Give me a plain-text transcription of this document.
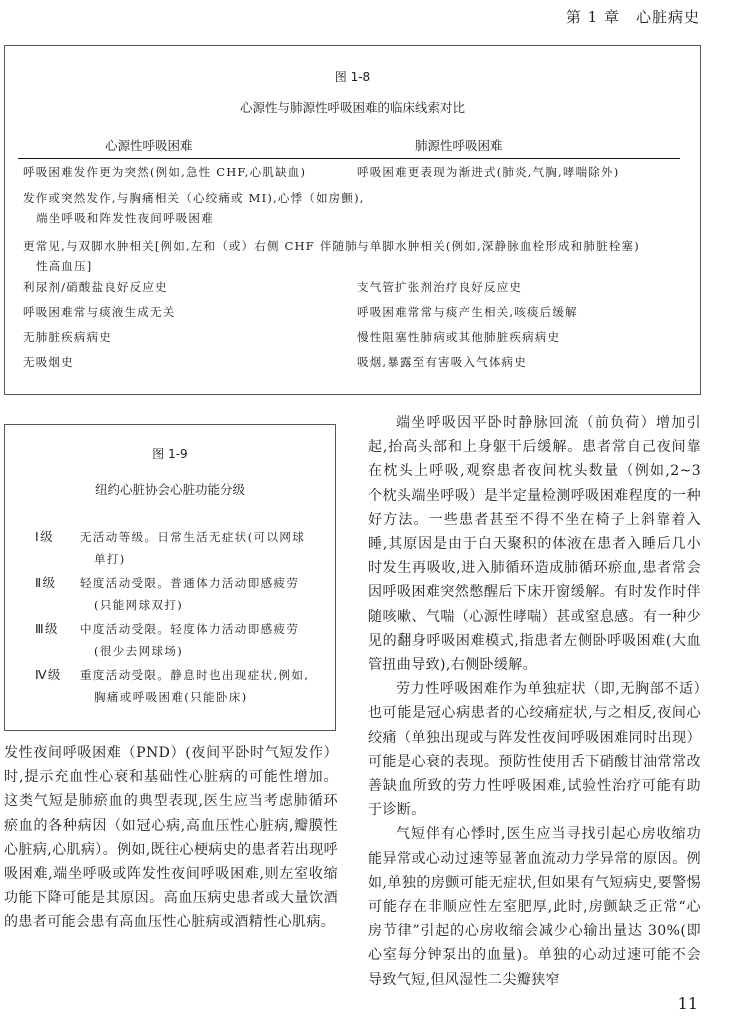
第 1 章 心脏病史
图 1-8
心源性与肺源性呼吸困难的临床线索对比
心源性呼吸困难	肺源性呼吸困难
呼吸困难发作更为突然(例如,急性 CHF,心肌缺血)	呼吸困难更表现为渐进式(肺炎,气胸,哮喘除外)
发作或突然发作,与胸痛相关（心绞痛或 MI),心悸（如房颤),端坐呼吸和阵发性夜间呼吸困难
更常见,与双脚水肿相关[例如,左和（或）右侧 CHF 伴随肺性高血压]
与单脚水肿相关(例如,深静脉血栓形成和肺脏栓塞)
利尿剂/硝酸盐良好反应史	支气管扩张剂治疗良好反应史
呼吸困难常与痰液生成无关	呼吸困难常常与痰产生相关,咳痰后缓解
无肺脏疾病病史	慢性阻塞性肺病或其他肺脏疾病病史
无吸烟史	吸烟,暴露至有害吸入气体病史
图 1-9
纽约心脏协会心脏功能分级
Ⅰ级	无活动等级。日常生活无症状(可以网球单打)
Ⅱ级	轻度活动受限。普通体力活动即感疲劳(只能网球双打)
Ⅲ级	中度活动受限。轻度体力活动即感疲劳(很少去网球场)
Ⅳ级	重度活动受限。静息时也出现症状,例如,胸痛或呼吸困难(只能卧床)

端坐呼吸因平卧时静脉回流（前负荷）增加引起,抬高头部和上身躯干后缓解。患者常自己夜间靠在枕头上呼吸,观察患者夜间枕头数量（例如,2~3 个枕头端坐呼吸）是半定量检测呼吸困难程度的一种好方法。一些患者甚至不得不坐在椅子上斜靠着入睡,其原因是由于白天聚积的体液在患者入睡后几小时发生再吸收,进入肺循环造成肺循环瘀血,患者常会因呼吸困难突然憋醒后下床开窗缓解。有时发作时伴随咳嗽、气喘（心源性哮喘）甚或窒息感。有一种少见的翻身呼吸困难模式,指患者左侧卧呼吸困难(大血管扭曲导致),右侧卧缓解。

劳力性呼吸困难作为单独症状（即,无胸部不适）也可能是冠心病患者的心绞痛症状,与之相反,夜间心绞痛（单独出现或与阵发性夜间呼吸困难同时出现）可能是心衰的表现。预防性使用舌下硝酸甘油常常改善缺血所致的劳力性呼吸困难,试验性治疗可能有助于诊断。

气短伴有心悸时,医生应当寻找引起心房收缩功能异常或心动过速等显著血流动力学异常的原因。例如,单独的房颤可能无症状,但如果有气短病史,要警惕可能存在非顺应性左室肥厚,此时,房颤缺乏正常“心房节律”引起的心房收缩会减少心输出量达 30%(即心室每分钟泵出的血量)。单独的心动过速可能不会导致气短,但风湿性二尖瓣狭窄

发性夜间呼吸困难（PND）(夜间平卧时气短发作）时,提示充血性心衰和基础性心脏病的可能性增加。这类气短是肺瘀血的典型表现,医生应当考虑肺循环瘀血的各种病因（如冠心病,高血压性心脏病,瓣膜性心脏病,心肌病）。例如,既往心梗病史的患者若出现呼吸困难,端坐呼吸或阵发性夜间呼吸困难,则左室收缩功能下降可能是其原因。高血压病史患者或大量饮酒的患者可能会患有高血压性心脏病或酒精性心肌病。

11
